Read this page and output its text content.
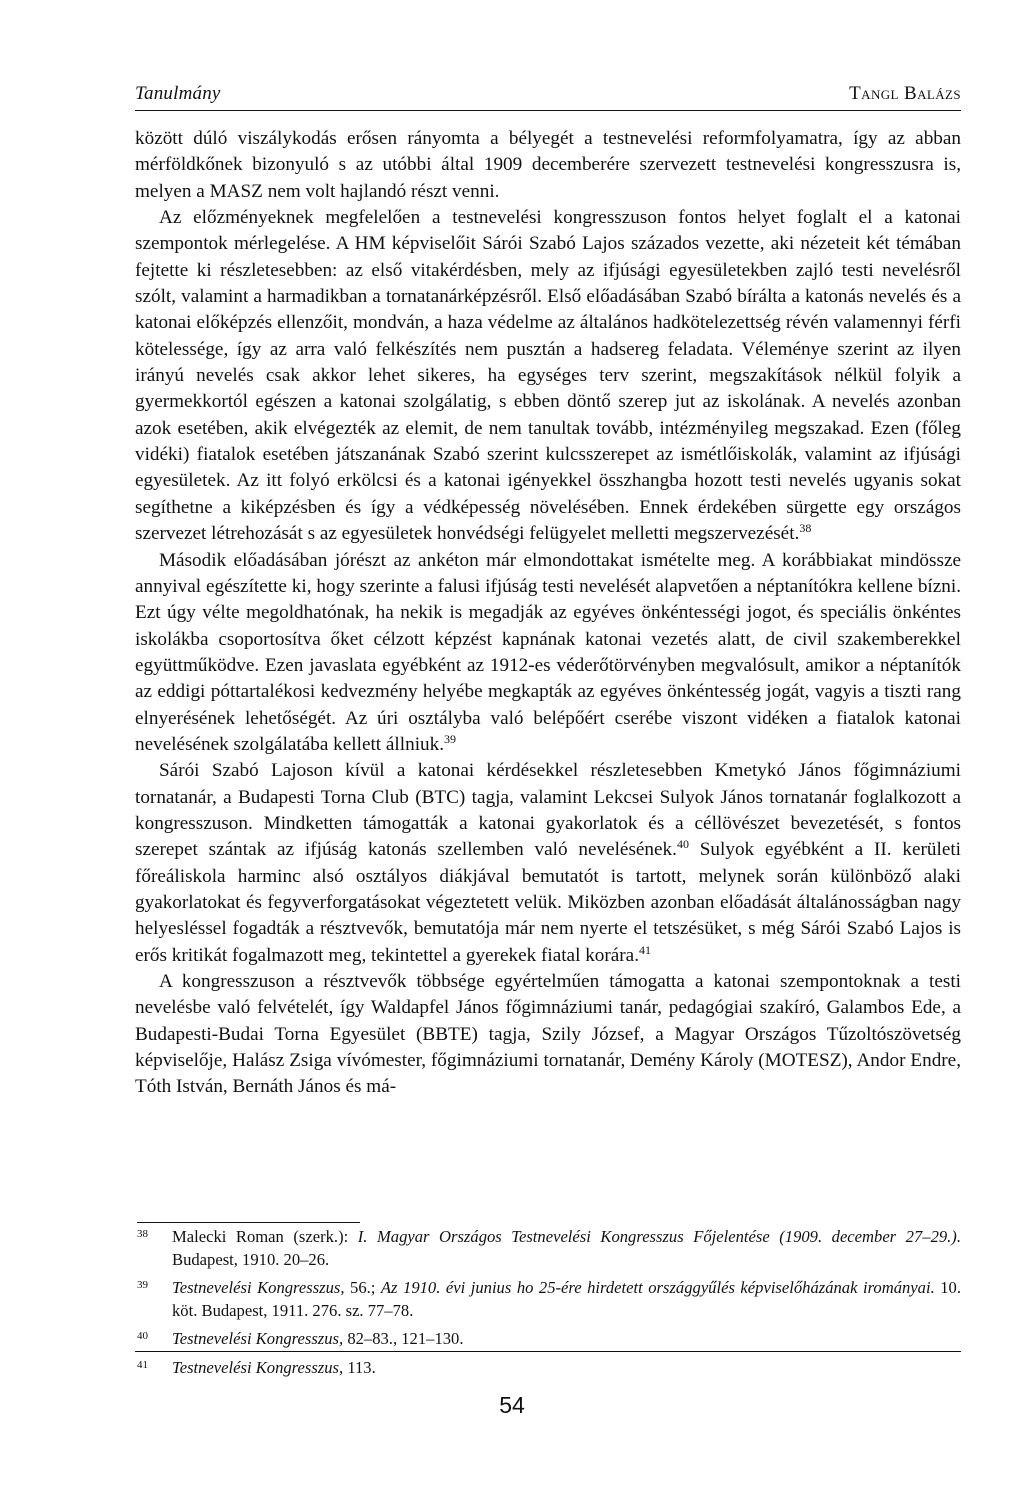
Tanulmány	Tangl Balázs

között dúló viszálykodás erősen rányomta a bélyegét a testnevelési reformfolyamatra, így az abban mérföldkőnek bizonyuló s az utóbbi által 1909 decemberére szervezett testnevelési kongresszusra is, melyen a MASZ nem volt hajlandó részt venni.

Az előzményeknek megfelelően a testnevelési kongresszuson fontos helyet foglalt el a katonai szempontok mérlegelése. A HM képviselőit Sárói Szabó Lajos százados vezette, aki nézeteit két témában fejtette ki részletesebben: az első vitakérdésben, mely az ifjúsági egyesületekben zajló testi nevelésről szólt, valamint a harmadikban a tornatanárképzésről. Első előadásában Szabó bírálta a katonás nevelés és a katonai előképzés ellenzőit, mondván, a haza védelme az általános hadkötelezettség révén valamennyi férfi kötelessége, így az arra való felkészítés nem pusztán a hadsereg feladata. Véleménye szerint az ilyen irányú nevelés csak akkor lehet sikeres, ha egységes terv szerint, megszakítások nélkül folyik a gyermekkortól egészen a katonai szolgálatig, s ebben döntő szerep jut az iskolának. A nevelés azonban azok esetében, akik elvégezték az elemit, de nem tanultak tovább, intézményileg megszakad. Ezen (főleg vidéki) fiatalok esetében játszanának Szabó szerint kulcsszerepet az ismétlőiskolák, valamint az ifjúsági egyesületek. Az itt folyó erkölcsi és a katonai igényekkel összhangba hozott testi nevelés ugyanis sokat segíthetne a kiképzésben és így a védképesség növelésében. Ennek érdekében sürgette egy országos szervezet létrehozását s az egyesületek honvédségi felügyelet melletti megszervezését.$^{38}$

Második előadásában jórészt az ankéton már elmondottakat ismételte meg. A korábbiakat mindössze annyival egészítette ki, hogy szerinte a falusi ifjúság testi nevelését alapvetően a néptanítókra kellene bízni. Ezt úgy vélte megoldhatónak, ha nekik is megadják az egyéves önkéntességi jogot, és speciális önkéntes iskolákba csoportosítva őket célzott képzést kapnának katonai vezetés alatt, de civil szakemberekkel együttműködve. Ezen javaslata egyébként az 1912-es véderőtörvényben megvalósult, amikor a néptanítók az eddigi póttartalékosi kedvezmény helyébe megkapták az egyéves önkéntesség jogát, vagyis a tiszti rang elnyerésének lehetőségét. Az úri osztályba való belépőért cserébe viszont vidéken a fiatalok katonai nevelésének szolgálatába kellett állniuk.$^{39}$

Sárói Szabó Lajoson kívül a katonai kérdésekkel részletesebben Kmetykó János főgimnáziumi tornatanár, a Budapesti Torna Club (BTC) tagja, valamint Lekcsei Sulyok János tornatanár foglalkozott a kongresszuson. Mindketten támogatták a katonai gyakorlatok és a céllövészet bevezetését, s fontos szerepet szántak az ifjúság katonás szellemben való nevelésének.$^{40}$ Sulyok egyébként a II. kerületi főreáliskola harminc alsó osztályos diákjával bemutatót is tartott, melynek során különböző alaki gyakorlatokat és fegyverforgatásokat végeztetett velük. Miközben azonban előadását általánosságban nagy helyesléssel fogadták a résztvevők, bemutatója már nem nyerte el tetszésüket, s még Sárói Szabó Lajos is erős kritikát fogalmazott meg, tekintettel a gyerekek fiatal korára.$^{41}$

A kongresszuson a résztvevők többsége egyértelműen támogatta a katonai szempontoknak a testi nevelésbe való felvételét, így Waldapfel János főgimnáziumi tanár, pedagógiai szakíró, Galambos Ede, a Budapesti-Budai Torna Egyesület (BBTE) tagja, Szily József, a Magyar Országos Tűzoltószövetség képviselője, Halász Zsiga vívómester, főgimnáziumi tornatanár, Demény Károly (MOTESZ), Andor Endre, Tóth István, Bernáth János és má-

38 Malecki Roman (szerk.): I. Magyar Országos Testnevelési Kongresszus Főjelentése (1909. december 27–29.). Budapest, 1910. 20–26.

39 Testnevelési Kongresszus, 56.; Az 1910. évi junius ho 25-ére hirdetett országgyűlés képviselőházának irományai. 10. köt. Budapest, 1911. 276. sz. 77–78.

40 Testnevelési Kongresszus, 82–83., 121–130.

41 Testnevelési Kongresszus, 113.

54
